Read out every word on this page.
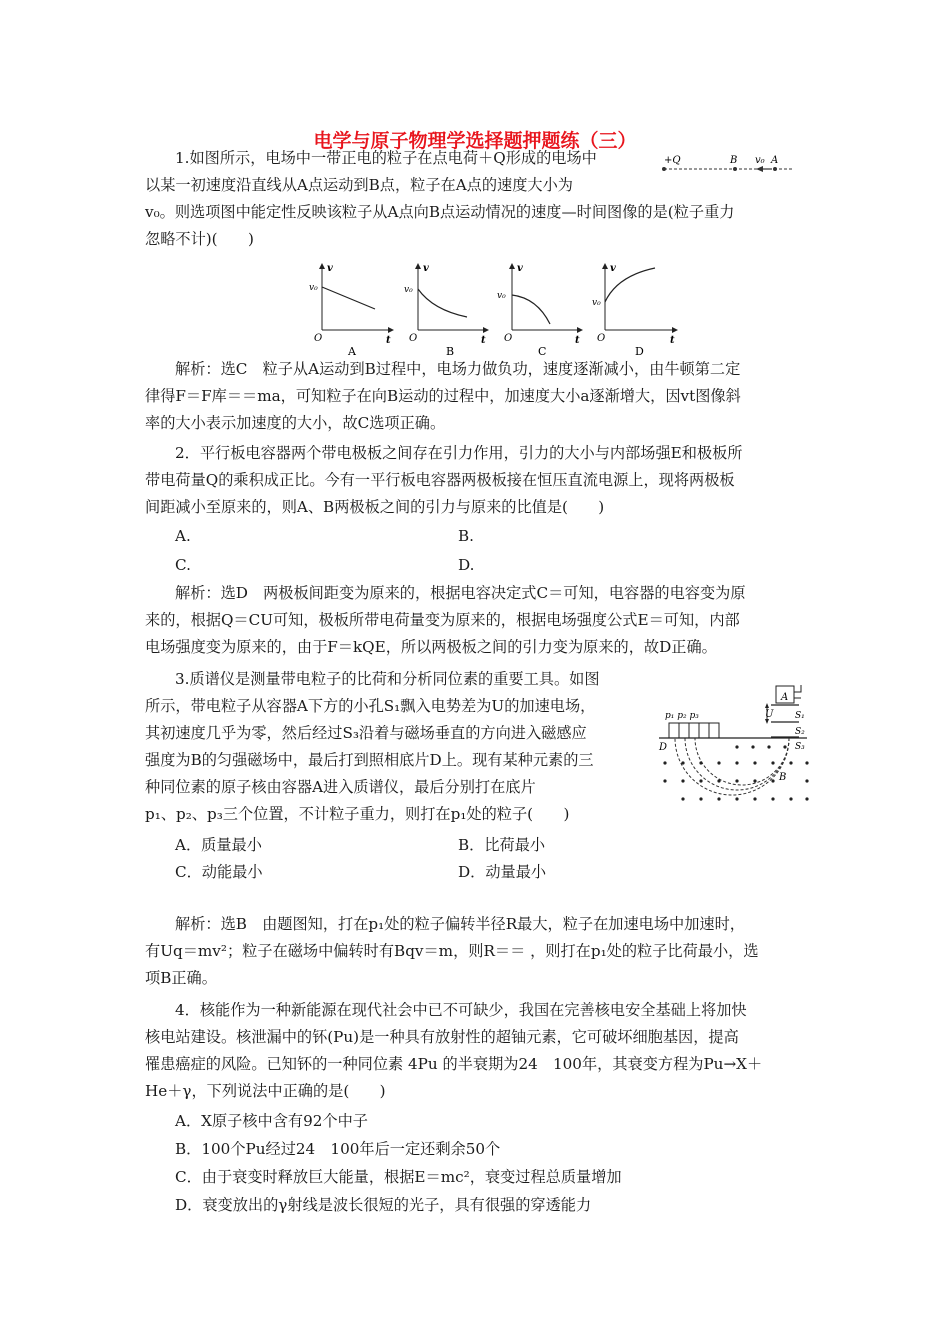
电学与原子物理学选择题押题练（三）
1.如图所示，电场中一带正电的粒子在点电荷＋Q形成的电场中
以某一初速度沿直线从A点运动到B点，粒子在A点的速度大小为
v₀。则选项图中能定性反映该粒子从A点向B点运动情况的速度—时间图像的是(粒子重力
忽略不计)(　　)
+Q	B v₀ A
v
v₀
O	t
A
v
v₀
O	t
B
v
v₀
O	t
C
v
v₀
O	t
D
解析：选C　粒子从A运动到B过程中，电场力做负功，速度逐渐减小，由牛顿第二定
律得F＝F库＝＝ma，可知粒子在向B运动的过程中，加速度大小a逐渐增大，因vt图像斜
率的大小表示加速度的大小，故C选项正确。
2．平行板电容器两个带电极板之间存在引力作用，引力的大小与内部场强E和极板所
带电荷量Q的乘积成正比。今有一平行板电容器两极板接在恒压直流电源上，现将两极板
间距减小至原来的，则A、B两极板之间的引力与原来的比值是(　　)
A.	B.
C.	D.
解析：选D　两极板间距变为原来的，根据电容决定式C＝可知，电容器的电容变为原
来的，根据Q＝CU可知，极板所带电荷量变为原来的，根据电场强度公式E＝可知，内部
电场强度变为原来的，由于F＝kQE，所以两极板之间的引力变为原来的，故D正确。
3.质谱仪是测量带电粒子的比荷和分析同位素的重要工具。如图
所示，带电粒子从容器A下方的小孔S₁飘入电势差为U的加速电场，
其初速度几乎为零，然后经过S₃沿着与磁场垂直的方向进入磁感应
强度为B的匀强磁场中，最后打到照相底片D上。现有某种元素的三
种同位素的原子核由容器A进入质谱仪，最后分别打在底片
p₁、p₂、p₃三个位置，不计粒子重力，则打在p₁处的粒子(　　)
A
U S₁
S₂
S₃
p₁ p₂ p₃
D
B
A．质量最小	B．比荷最小
C．动能最小	D．动量最小
解析：选B　由题图知，打在p₁处的粒子偏转半径R最大，粒子在加速电场中加速时，
有Uq＝mv²；粒子在磁场中偏转时有Bqv＝m，则R＝＝ ，则打在p₁处的粒子比荷最小，选
项B正确。
4．核能作为一种新能源在现代社会中已不可缺少，我国在完善核电安全基础上将加快
核电站建设。核泄漏中的钚(Pu)是一种具有放射性的超铀元素，它可破坏细胞基因，提高
罹患癌症的风险。已知钚的一种同位素 4Pu 的半衰期为24　100年，其衰变方程为Pu→X＋
He＋γ，下列说法中正确的是(　　)
A．X原子核中含有92个中子
B．100个Pu经过24　100年后一定还剩余50个
C．由于衰变时释放巨大能量，根据E＝mc²，衰变过程总质量增加
D．衰变放出的γ射线是波长很短的光子，具有很强的穿透能力
